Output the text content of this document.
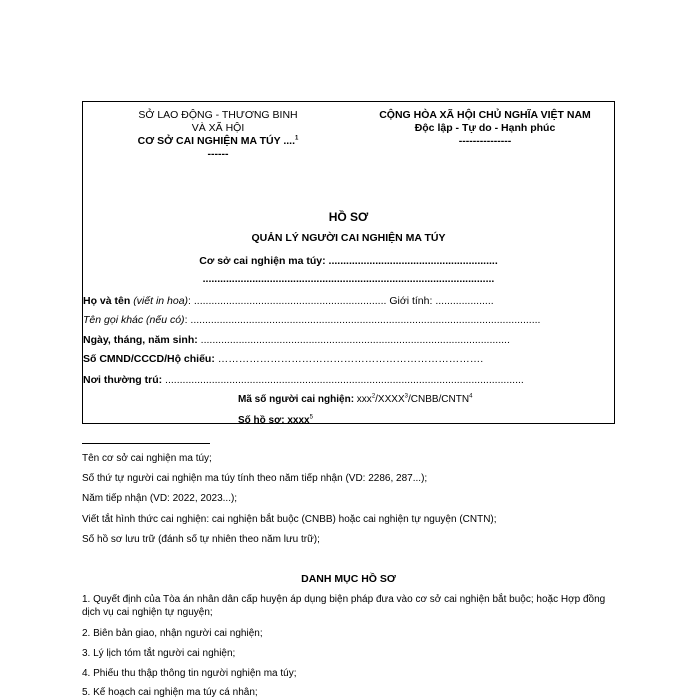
SỞ LAO ĐỘNG - THƯƠNG BINH
VÀ XÃ HỘI
CƠ SỞ CAI NGHIỆN MA TÚY ....$^1$
------
CỘNG HÒA XÃ HỘI CHỦ NGHĨA VIỆT NAM
Độc lập - Tự do - Hạnh phúc
---------------
HỒ SƠ
QUẢN LÝ NGƯỜI CAI NGHIỆN MA TÚY
Cơ sở cai nghiện ma túy: ..........................................................
....................................................................................................
Họ và tên (viết in hoa): .................................................................. Giới tính: ....................
Tên gọi khác (nếu có): ........................................................................................................................
Ngày, tháng, năm sinh: ..........................................................................................................
Số CMND/CCCD/Hộ chiếu: ………………………………………………………………….
Nơi thường trú: ...........................................................................................................................
Mã số người cai nghiện: xxx$^2$/XXXX$^3$/CNBB/CNTN$^4$
Số hồ sơ: xxxx$^5$
Tên cơ sở cai nghiện ma túy;
Số thứ tự người cai nghiện ma túy tính theo năm tiếp nhận (VD: 2286, 287...);
Năm tiếp nhận (VD: 2022, 2023...);
Viết tắt hình thức cai nghiện: cai nghiện bắt buộc (CNBB) hoặc cai nghiện tự nguyện (CNTN);
Số hồ sơ lưu trữ (đánh số tự nhiên theo năm lưu trữ);
DANH MỤC HỒ SƠ
1. Quyết định của Tòa án nhân dân cấp huyện áp dụng biện pháp đưa vào cơ sở cai nghiện bắt buộc; hoặc Hợp đồng dịch vụ cai nghiện tự nguyện;
2. Biên bản giao, nhận người cai nghiện;
3. Lý lịch tóm tắt người cai nghiện;
4. Phiếu thu thập thông tin người nghiện ma túy;
5. Kế hoạch cai nghiện ma túy cá nhân;
